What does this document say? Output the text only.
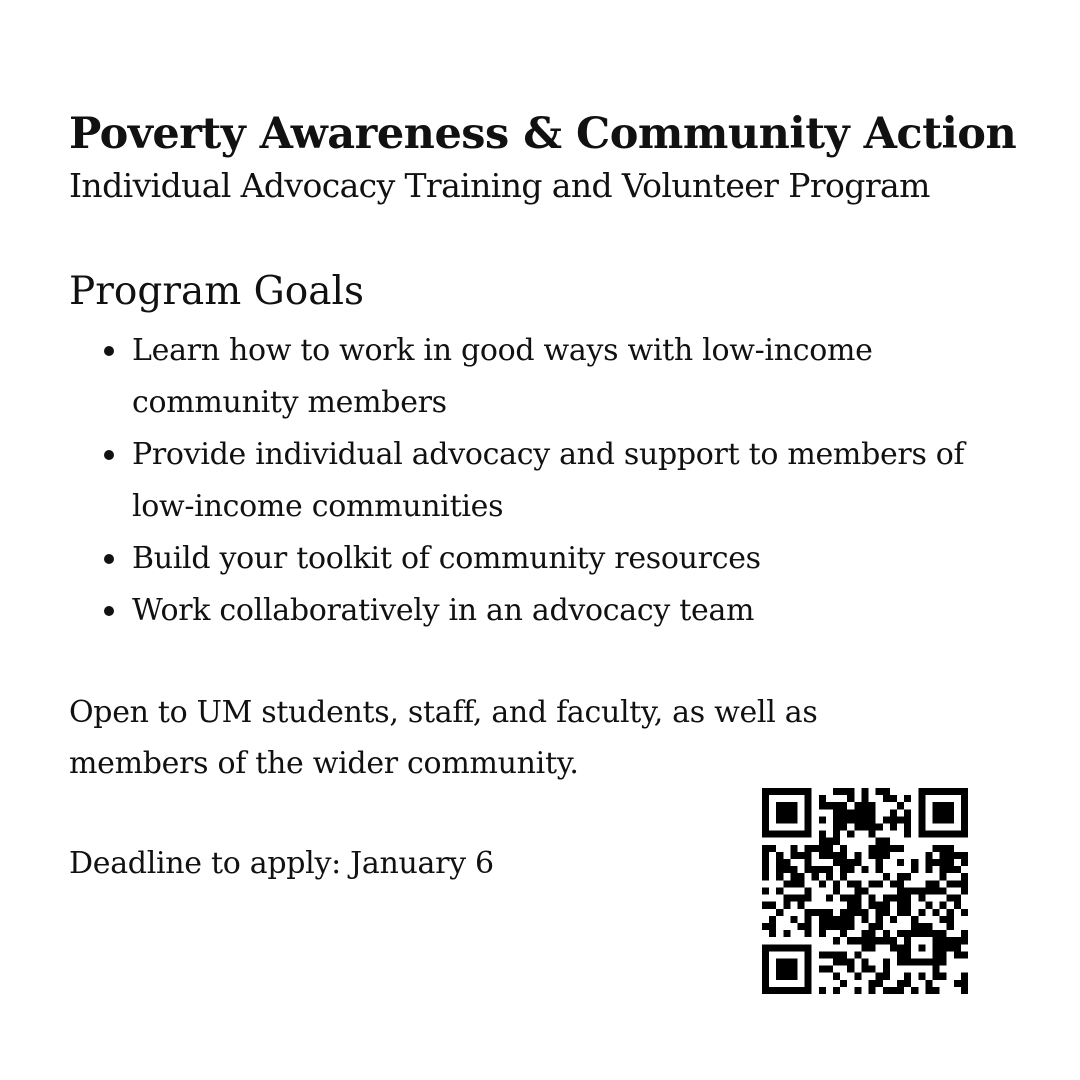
Poverty Awareness & Community Action

Individual Advocacy Training and Volunteer Program

Program Goals
Learn how to work in good ways with low-income community members
Provide individual advocacy and support to members of low-income communities
Build your toolkit of community resources
Work collaboratively in an advocacy team

Open to UM students, staff, and faculty, as well as members of the wider community.

Deadline to apply: January 6
